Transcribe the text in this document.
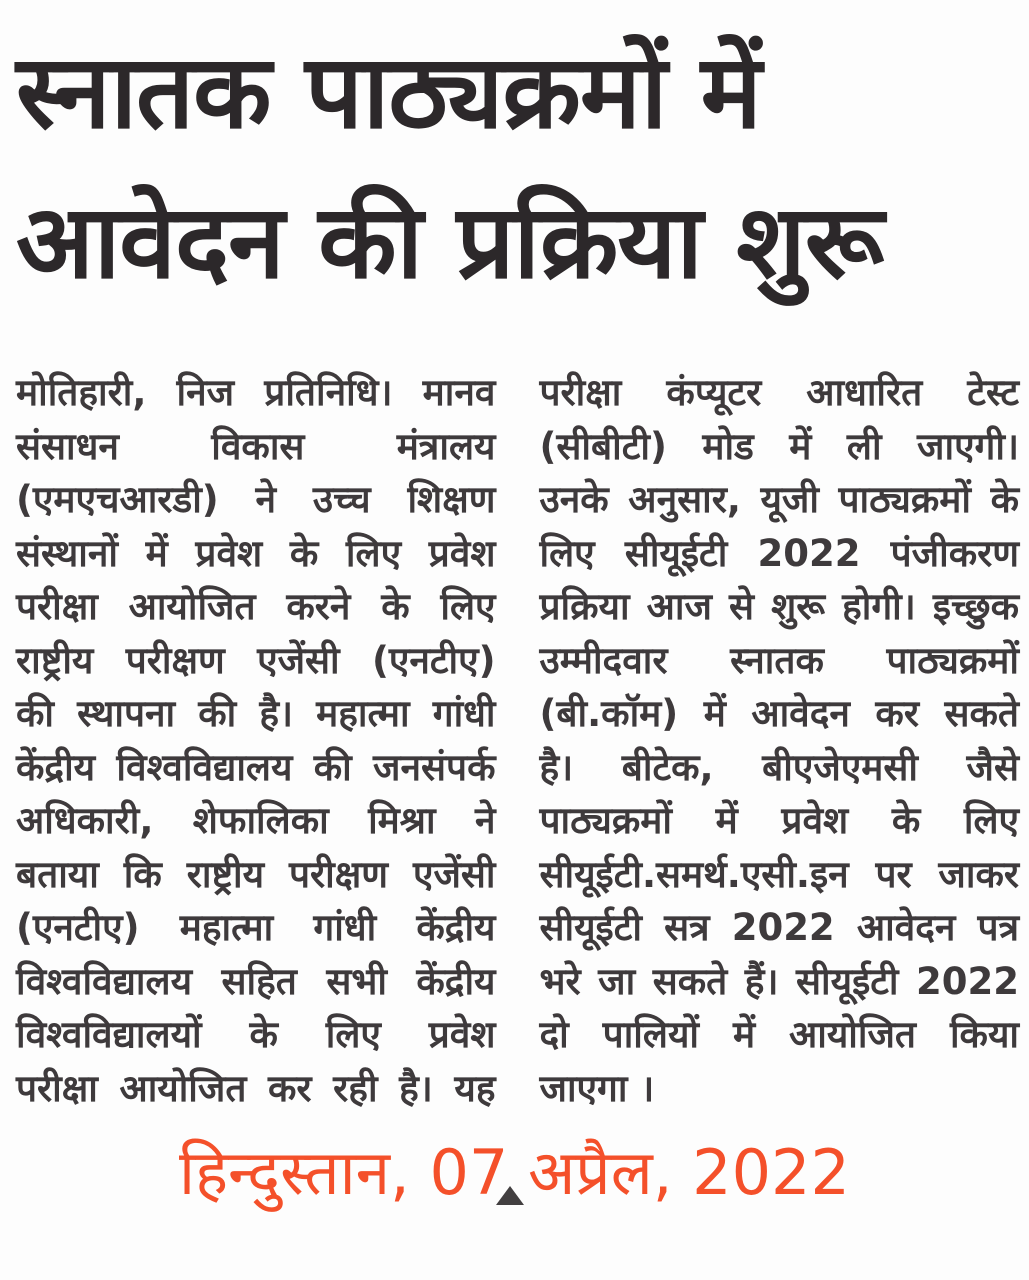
स्नातक पाठ्यक्रमों में
आवेदन की प्रक्रिया शुरू
मोतिहारी, निज प्रतिनिधि। मानव
संसाधन विकास मंत्रालय
(एमएचआरडी) ने उच्च शिक्षण
संस्थानों में प्रवेश के लिए प्रवेश
परीक्षा आयोजित करने के लिए
राष्ट्रीय परीक्षण एजेंसी (एनटीए)
की स्थापना की है। महात्मा गांधी
केंद्रीय विश्वविद्यालय की जनसंपर्क
अधिकारी, शेफालिका मिश्रा ने
बताया कि राष्ट्रीय परीक्षण एजेंसी
(एनटीए) महात्मा गांधी केंद्रीय
विश्वविद्यालय सहित सभी केंद्रीय
विश्वविद्यालयों के लिए प्रवेश
परीक्षा आयोजित कर रही है। यह
परीक्षा कंप्यूटर आधारित टेस्ट
(सीबीटी) मोड में ली जाएगी।
उनके अनुसार, यूजी पाठ्यक्रमों के
लिए सीयूईटी 2022 पंजीकरण
प्रक्रिया आज से शुरू होगी। इच्छुक
उम्मीदवार स्नातक पाठ्यक्रमों
(बी.कॉम) में आवेदन कर सकते
है। बीटेक, बीएजेएमसी जैसे
पाठ्यक्रमों में प्रवेश के लिए
सीयूईटी.समर्थ.एसी.इन पर जाकर
सीयूईटी सत्र 2022 आवेदन पत्र
भरे जा सकते हैं। सीयूईटी 2022
दो पालियों में आयोजित किया
जाएगा ।
हिन्दुस्तान, 07 अप्रैल, 2022
